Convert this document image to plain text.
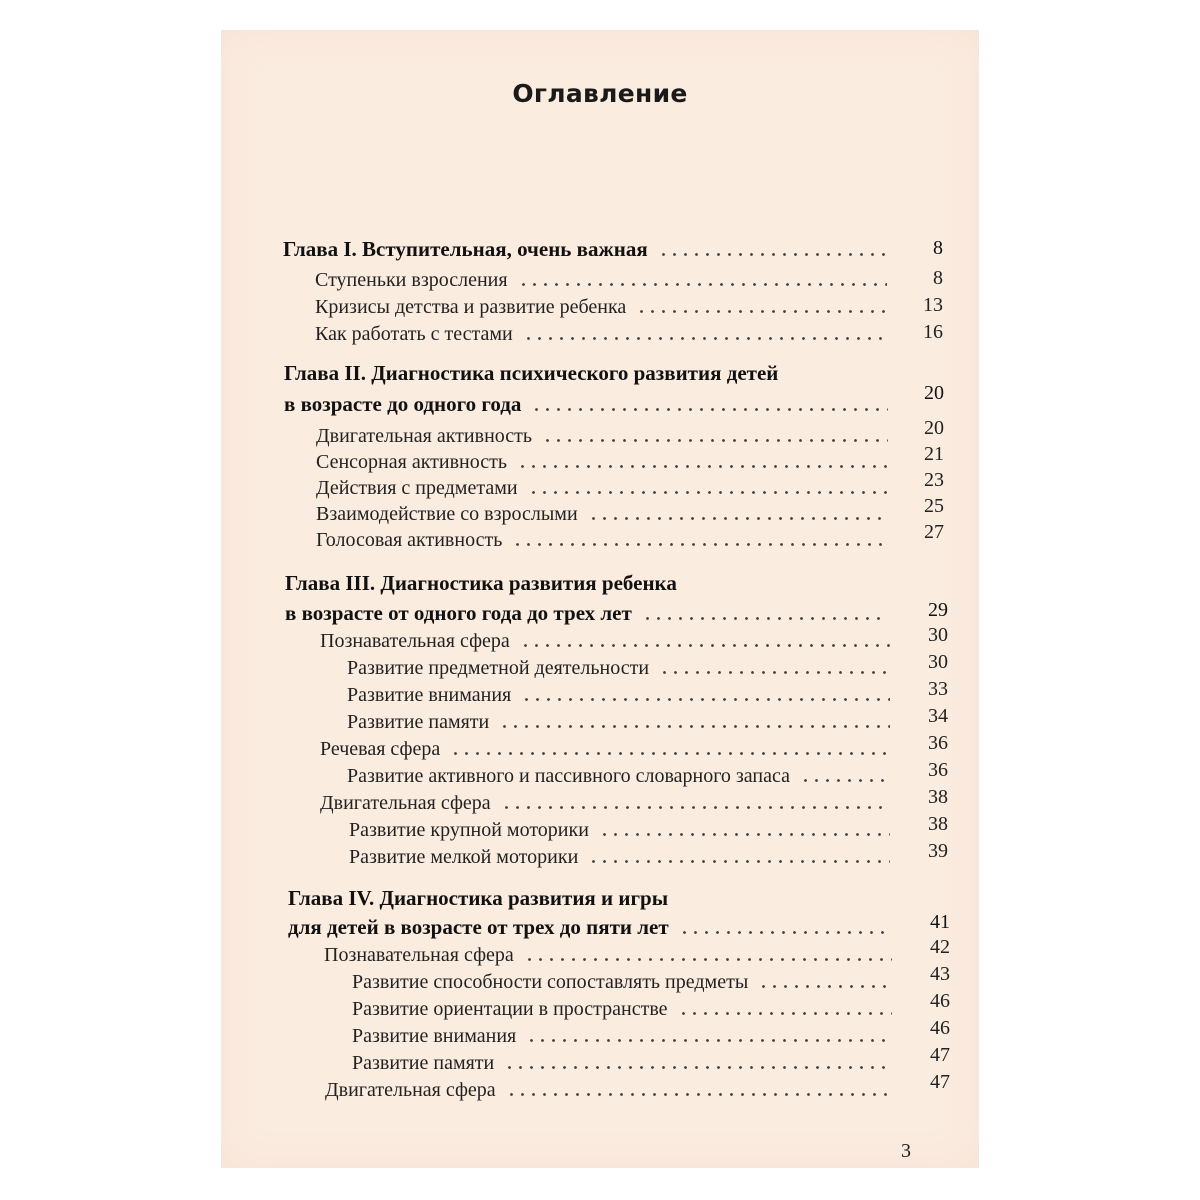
Оглавление
Глава I. Вступительная, очень важная	8
Ступеньки взросления	8
Кризисы детства и развитие ребенка	13
Как работать с тестами	16
Глава II. Диагностика психического развития детей
в возрасте до одного года	20
Двигательная активность	20
Сенсорная активность	21
Действия с предметами	23
Взаимодействие со взрослыми	25
Голосовая активность	27
Глава III. Диагностика развития ребенка
в возрасте от одного года до трех лет	29
Познавательная сфера	30
Развитие предметной деятельности	30
Развитие внимания	33
Развитие памяти	34
Речевая сфера	36
Развитие активного и пассивного словарного запаса	36
Двигательная сфера	38
Развитие крупной моторики	38
Развитие мелкой моторики	39
Глава IV. Диагностика развития и игры
для детей в возрасте от трех до пяти лет	41
Познавательная сфера	42
Развитие способности сопоставлять предметы	43
Развитие ориентации в пространстве	46
Развитие внимания	46
Развитие памяти	47
Двигательная сфера	47
3
